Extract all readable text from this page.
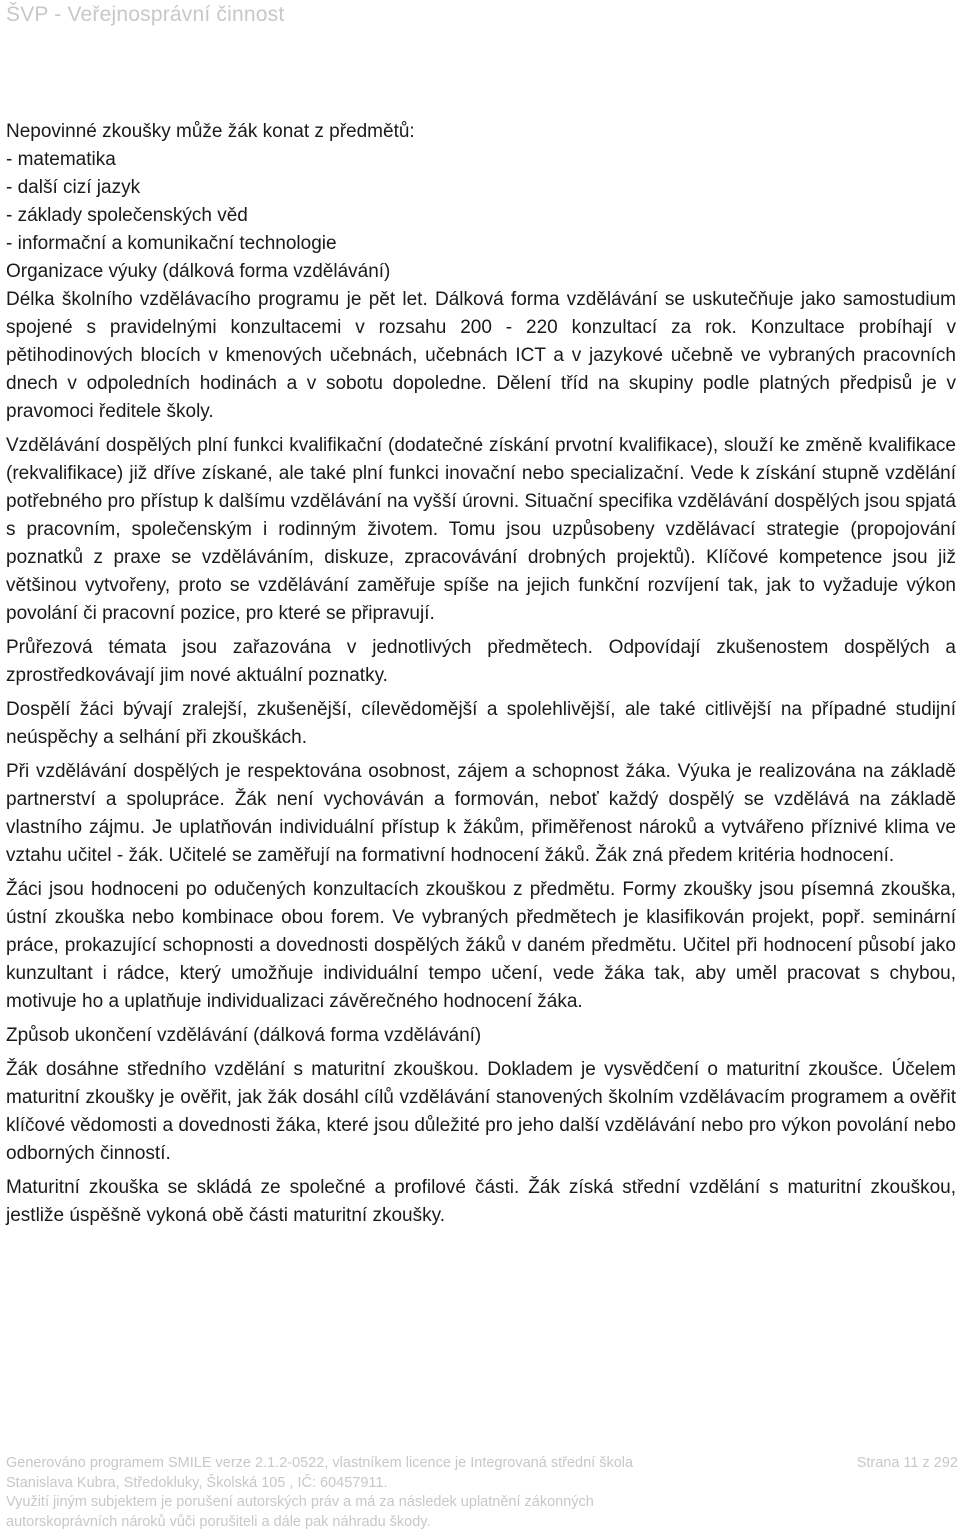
ŠVP - Veřejnosprávní činnost

Nepovinné zkoušky může žák konat z předmětů:

- matematika

- další cizí jazyk

- základy společenských věd

- informační a komunikační technologie

Organizace výuky (dálková forma vzdělávání)

Délka školního vzdělávacího programu je pět let. Dálková forma vzdělávání se uskutečňuje jako samostudium spojené s pravidelnými konzultacemi v rozsahu 200 - 220 konzultací za rok. Konzultace probíhají v pětihodinových blocích v kmenových učebnách, učebnách ICT a v jazykové učebně ve vybraných pracovních dnech v odpoledních hodinách a v sobotu dopoledne. Dělení tříd na skupiny podle platných předpisů je v pravomoci ředitele školy.

Vzdělávání dospělých plní funkci kvalifikační (dodatečné získání prvotní kvalifikace), slouží ke změně kvalifikace (rekvalifikace) již dříve získané, ale také plní funkci inovační nebo specializační. Vede k získání stupně vzdělání potřebného pro přístup k dalšímu vzdělávání na vyšší úrovni. Situační specifika vzdělávání dospělých jsou spjatá s pracovním, společenským i rodinným životem. Tomu jsou uzpůsobeny vzdělávací strategie (propojování poznatků z praxe se vzděláváním, diskuze, zpracovávání drobných projektů). Klíčové kompetence jsou již většinou vytvořeny, proto se vzdělávání zaměřuje spíše na jejich funkční rozvíjení tak, jak to vyžaduje výkon povolání či pracovní pozice, pro které se připravují.

Průřezová témata jsou zařazována v jednotlivých předmětech. Odpovídají zkušenostem dospělých a zprostředkovávají jim nové aktuální poznatky.

Dospělí žáci bývají zralejší, zkušenější, cílevědomější a spolehlivější, ale také citlivější na případné studijní neúspěchy a selhání při zkouškách.

Při vzdělávání dospělých je respektována osobnost, zájem a schopnost žáka. Výuka je realizována na základě partnerství a spolupráce. Žák není vychováván a formován, neboť každý dospělý se vzdělává na základě vlastního zájmu. Je uplatňován individuální přístup k žákům, přiměřenost nároků a vytvářeno příznivé klima ve vztahu učitel - žák. Učitelé se zaměřují na formativní hodnocení žáků. Žák zná předem kritéria hodnocení.

Žáci jsou hodnoceni po odučených konzultacích zkouškou z předmětu. Formy zkoušky jsou písemná zkouška, ústní zkouška nebo kombinace obou forem. Ve vybraných předmětech je klasifikován projekt, popř. seminární práce, prokazující schopnosti a dovednosti dospělých žáků v daném předmětu. Učitel při hodnocení působí jako kunzultant i rádce, který umožňuje individuální tempo učení, vede žáka tak, aby uměl pracovat s chybou, motivuje ho a uplatňuje individualizaci závěrečného hodnocení žáka.

Způsob ukončení vzdělávání (dálková forma vzdělávání)

Žák dosáhne středního vzdělání s maturitní zkouškou. Dokladem je vysvědčení o maturitní zkoušce. Účelem maturitní zkoušky je ověřit, jak žák dosáhl cílů vzdělávání stanovených školním vzdělávacím programem a ověřit klíčové vědomosti a dovednosti žáka, které jsou důležité pro jeho další vzdělávání nebo pro výkon povolání nebo odborných činností.

Maturitní zkouška se skládá ze společné a profilové části. Žák získá střední vzdělání s maturitní zkouškou, jestliže úspěšně vykoná obě části maturitní zkoušky.

Generováno programem SMILE verze 2.1.2-0522, vlastníkem licence je Integrovaná střední škola	Strana 11 z 292
Stanislava Kubra, Středokluky, Školská 105 , IČ: 60457911.
Využití jiným subjektem je porušení autorských práv a má za následek uplatnění zákonných
autorskoprávních nároků vůči porušiteli a dále pak náhradu škody.
